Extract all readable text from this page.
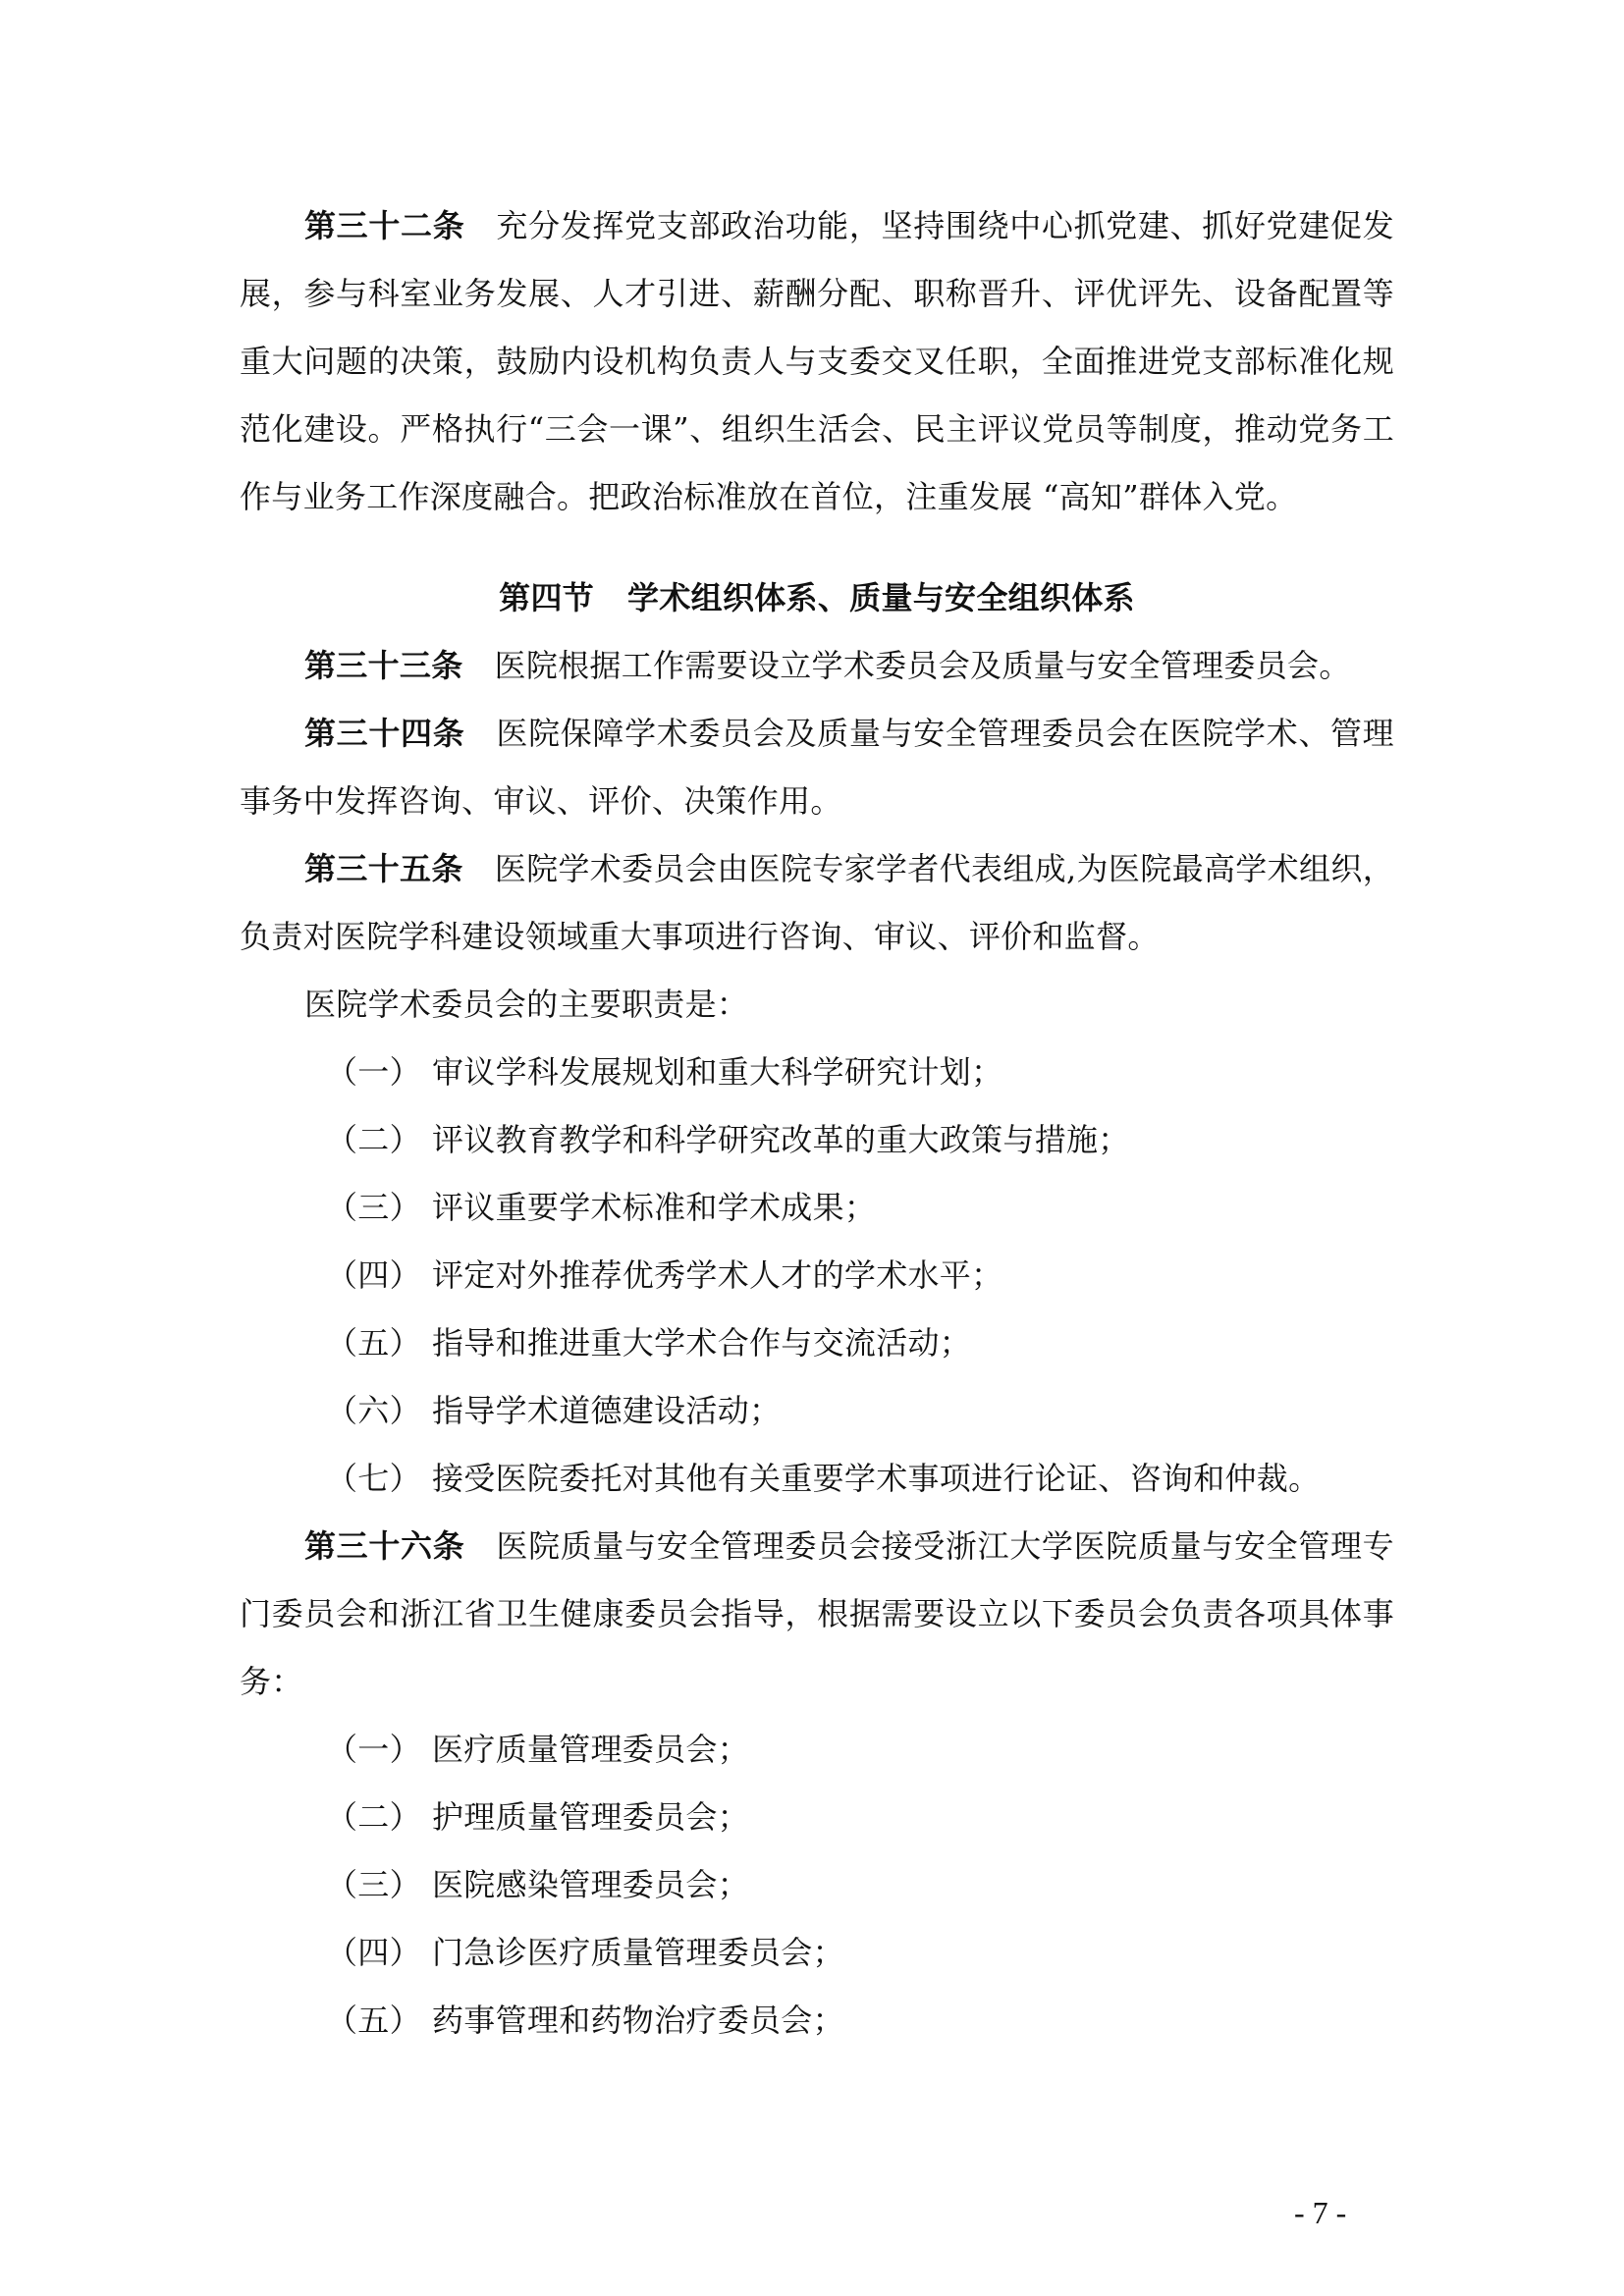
第三十二条 充分发挥党支部政治功能，坚持围绕中心抓党建、抓好党建促发展，参与科室业务发展、人才引进、薪酬分配、职称晋升、评优评先、设备配置等重大问题的决策，鼓励内设机构负责人与支委交叉任职，全面推进党支部标准化规范化建设。严格执行“三会一课”、组织生活会、民主评议党员等制度，推动党务工作与业务工作深度融合。把政治标准放在首位，注重发展 “高知”群体入党。

第四节 学术组织体系、质量与安全组织体系

第三十三条 医院根据工作需要设立学术委员会及质量与安全管理委员会。

第三十四条 医院保障学术委员会及质量与安全管理委员会在医院学术、管理事务中发挥咨询、审议、评价、决策作用。

第三十五条 医院学术委员会由医院专家学者代表组成,为医院最高学术组织，负责对医院学科建设领域重大事项进行咨询、审议、评价和监督。

医院学术委员会的主要职责是：

（一） 审议学科发展规划和重大科学研究计划；

（二） 评议教育教学和科学研究改革的重大政策与措施；

（三） 评议重要学术标准和学术成果；

（四） 评定对外推荐优秀学术人才的学术水平；

（五） 指导和推进重大学术合作与交流活动；

（六） 指导学术道德建设活动；

（七） 接受医院委托对其他有关重要学术事项进行论证、咨询和仲裁。

第三十六条 医院质量与安全管理委员会接受浙江大学医院质量与安全管理专门委员会和浙江省卫生健康委员会指导，根据需要设立以下委员会负责各项具体事务：

（一） 医疗质量管理委员会；

（二） 护理质量管理委员会；

（三） 医院感染管理委员会；

（四） 门急诊医疗质量管理委员会；

（五） 药事管理和药物治疗委员会；

- 7 -
